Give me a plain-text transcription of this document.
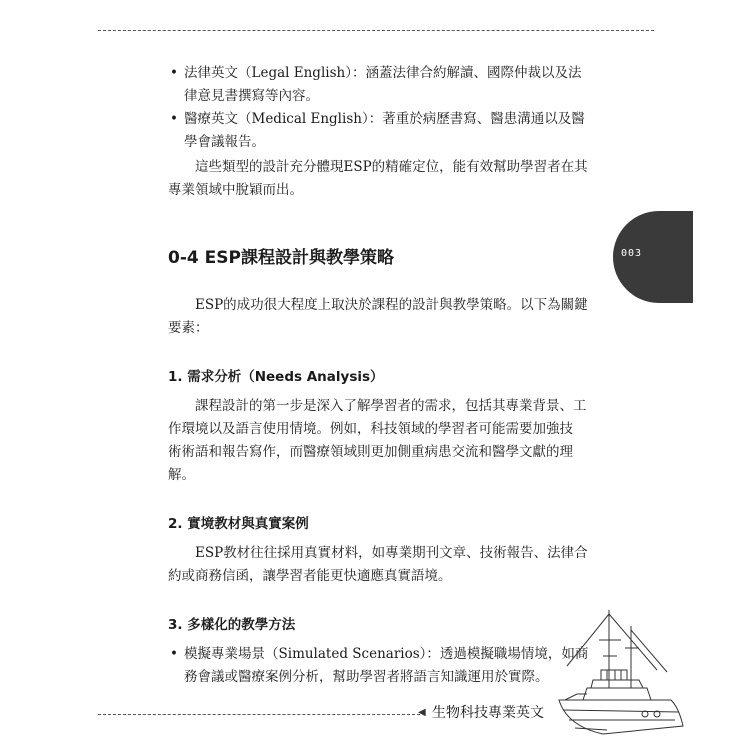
• 法律英文（Legal English）：涵蓋法律合約解讀、國際仲裁以及法
律意見書撰寫等內容。
• 醫療英文（Medical English）：著重於病歷書寫、醫患溝通以及醫
學會議報告。

這些類型的設計充分體現ESP的精確定位，能有效幫助學習者在其

專業領域中脫穎而出。

0-4 ESP課程設計與教學策略

ESP的成功很大程度上取決於課程的設計與教學策略。以下為關鍵

要素：

1. 需求分析（Needs Analysis）

課程設計的第一步是深入了解學習者的需求，包括其專業背景、工

作環境以及語言使用情境。例如，科技領域的學習者可能需要加強技

術術語和報告寫作，而醫療領域則更加側重病患交流和醫學文獻的理

解。

2. 實境教材與真實案例

ESP教材往往採用真實材料，如專業期刊文章、技術報告、法律合

約或商務信函，讓學習者能更快適應真實語境。

3. 多樣化的教學方法
• 模擬專業場景（Simulated Scenarios）：透過模擬職場情境，如商
務會議或醫療案例分析，幫助學習者將語言知識運用於實際。
003
◀ 生物科技專業英文
